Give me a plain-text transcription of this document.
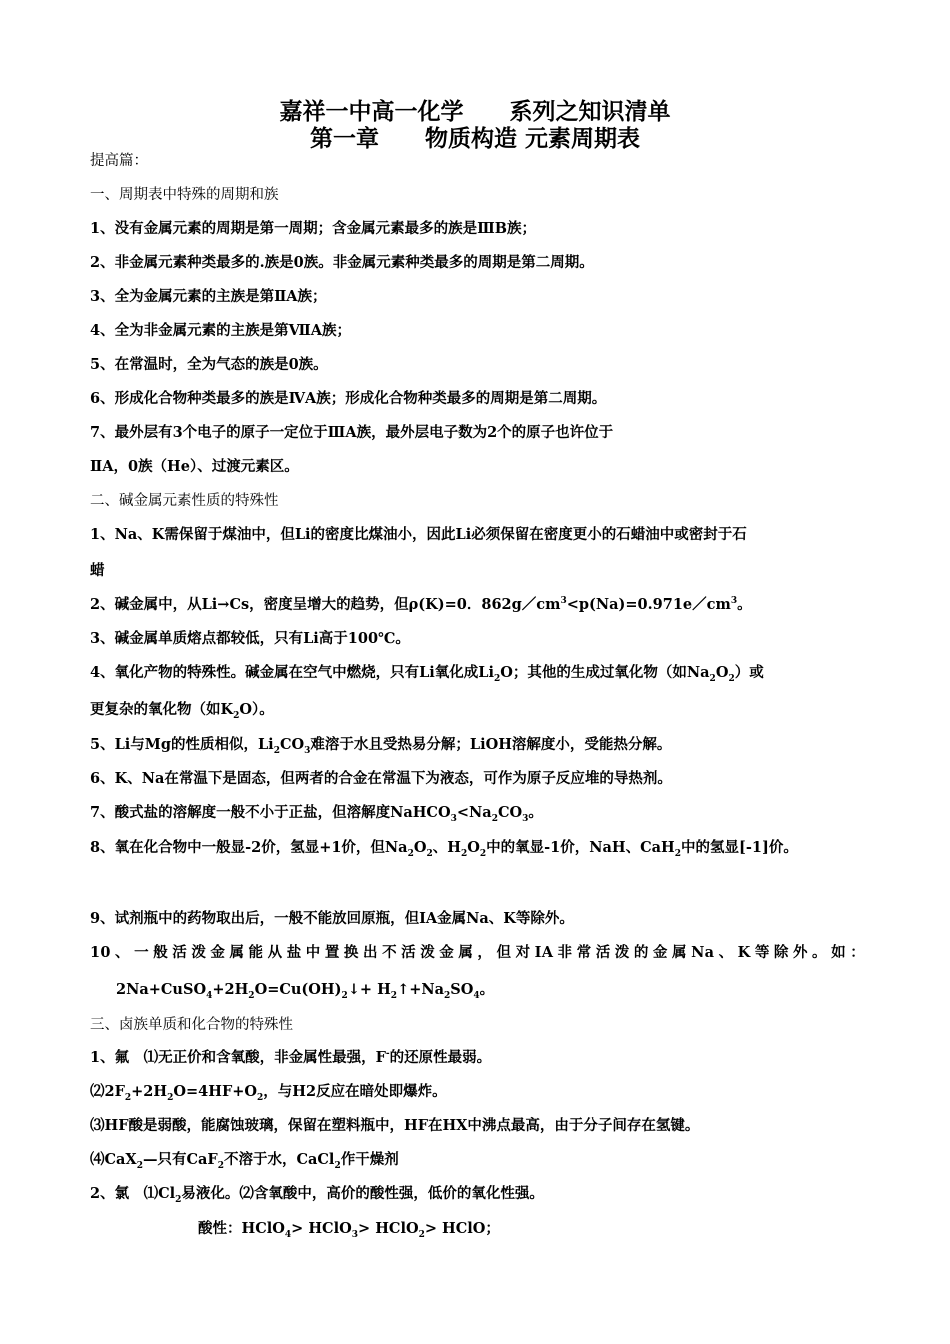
嘉祥一中高一化学　　系列之知识清单
第一章　　物质构造 元素周期表
提高篇：
一、周期表中特殊的周期和族
1、没有金属元素的周期是第一周期；含金属元素最多的族是ⅢB族；
2、非金属元素种类最多的.族是0族。非金属元素种类最多的周期是第二周期。
3、全为金属元素的主族是第ⅡA族；
4、全为非金属元素的主族是第ⅦA族；
5、在常温时，全为气态的族是0族。
6、形成化合物种类最多的族是ⅣA族；形成化合物种类最多的周期是第二周期。
7、最外层有3个电子的原子一定位于ⅢA族，最外层电子数为2个的原子也许位于
ⅡA，0族（He）、过渡元素区。
二、碱金属元素性质的特殊性
1、Na、K需保留于煤油中，但Li的密度比煤油小，因此Li必须保留在密度更小的石蜡油中或密封于石
蜡
2、碱金属中，从Li→Cs，密度呈增大的趋势，但ρ(K)=0．$862g/cm^3<p(Na)=0.971e/cm^3$。
3、碱金属单质熔点都较低，只有Li高于100℃。
4、氧化产物的特殊性。碱金属在空气中燃烧，只有Li氧化成$Li_2O$；其他的生成过氧化物（如$Na_2O_2$）或
更复杂的氧化物（如$K_2O$）。
5、Li与Mg的性质相似，$Li_2CO_3$难溶于水且受热易分解；LiOH溶解度小，受能热分解。
6、K、Na在常温下是固态，但两者的合金在常温下为液态，可作为原子反应堆的导热剂。
7、酸式盐的溶解度一般不小于正盐，但溶解度$NaHCO_3<Na_2CO_3$。
8、氧在化合物中一般显-2价，氢显+1价，但$Na_2O_2$、$H_2O_2$中的氧显-1价，NaH、CaH$_2$中的氢显[-1]价。
9、试剂瓶中的药物取出后，一般不能放回原瓶，但IA金属Na、K等除外。
10、一般活泼金属能从盐中置换出不活泼金属，但对IA非常活泼的金属Na、K等除外。如：
$2Na+CuSO_4+2H_2O=Cu(OH)_2↓+$ $H_2↑+Na_2SO_4$。
三、卤族单质和化合物的特殊性
1、氟　⑴无正价和含氧酸，非金属性最强，F-的还原性最弱。
$⑵2F_2+2H_2O=4HF+O_2$，与H2反应在暗处即爆炸。
⑶HF酸是弱酸，能腐蚀玻璃，保留在塑料瓶中，HF在HX中沸点最高，由于分子间存在氢键。
⑷CaX$_2$—只有CaF$_2$不溶于水，CaCl$_2$作干燥剂
2、氯　$⑴Cl_2$易液化。⑵含氧酸中，高价的酸性强，低价的氧化性强。
酸性：HClO$_4$> HClO$_3$> HClO$_2$> HClO；
